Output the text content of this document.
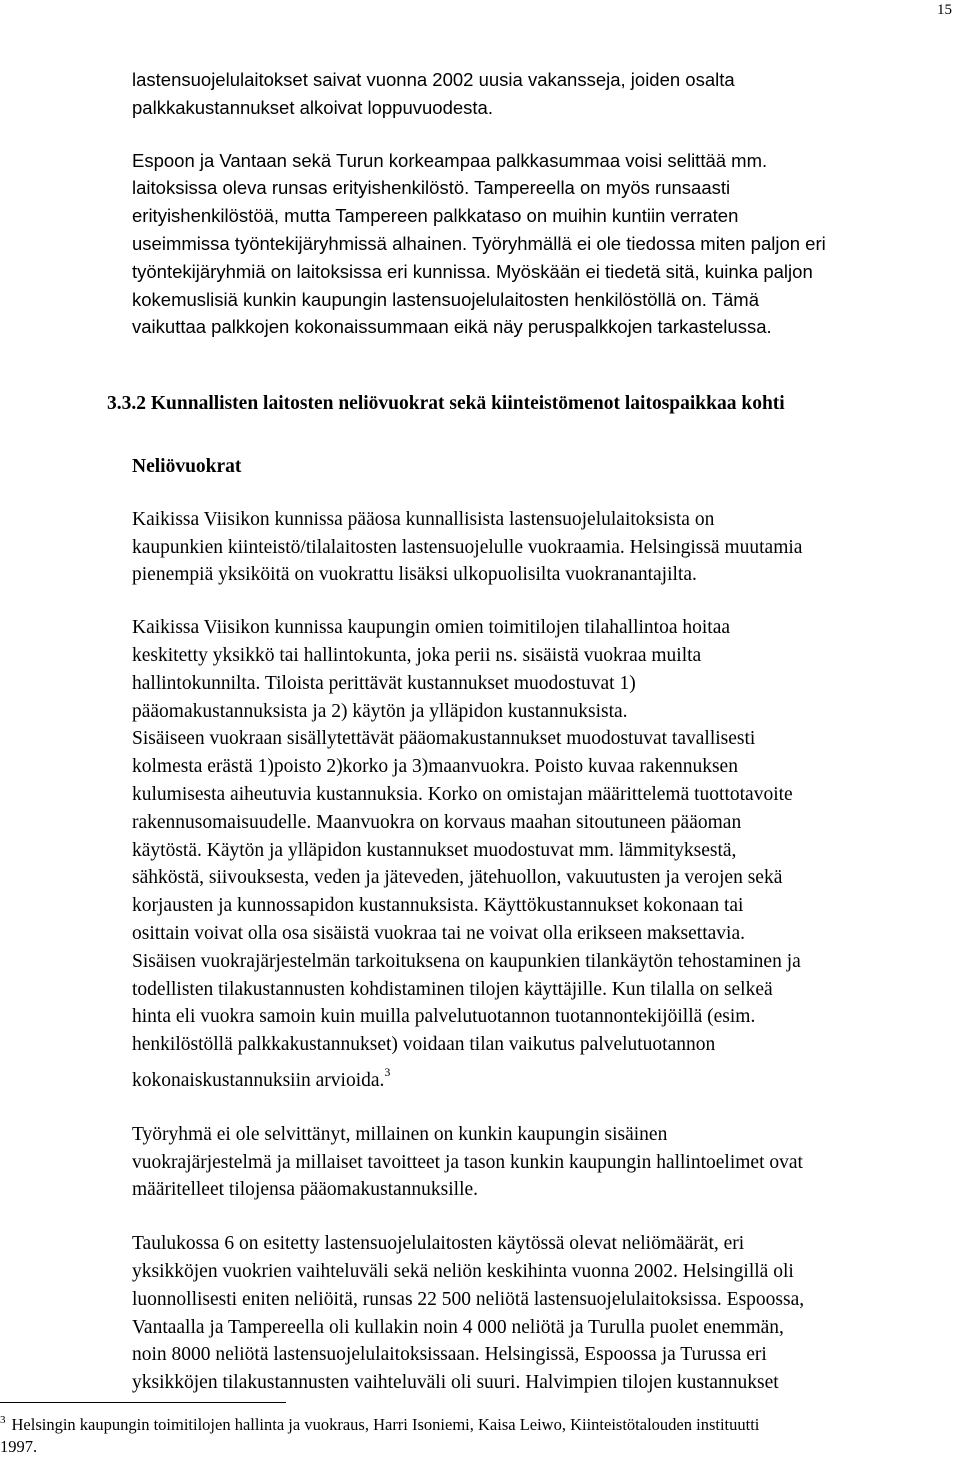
15

lastensuojelulaitokset saivat vuonna 2002 uusia vakansseja, joiden osalta
palkkakustannukset alkoivat loppuvuodesta.

Espoon ja Vantaan sekä Turun korkeampaa palkkasummaa voisi selittää mm.
laitoksissa oleva runsas erityishenkilöstö. Tampereella on myös runsaasti
erityishenkilöstöä, mutta Tampereen palkkataso on muihin kuntiin verraten
useimmissa työntekijäryhmissä alhainen. Työryhmällä ei ole tiedossa miten paljon eri
työntekijäryhmiä on laitoksissa eri kunnissa. Myöskään ei tiedetä sitä, kuinka paljon
kokemuslisiä kunkin kaupungin lastensuojelulaitosten henkilöstöllä on. Tämä
vaikuttaa palkkojen kokonaissummaan eikä näy peruspalkkojen tarkastelussa.

3.3.2 Kunnallisten laitosten neliövuokrat sekä kiinteistömenot laitospaikkaa kohti
Neliövuokrat

Kaikissa Viisikon kunnissa pääosa kunnallisista lastensuojelulaitoksista on
kaupunkien kiinteistö/tilalaitosten lastensuojelulle vuokraamia. Helsingissä muutamia
pienempiä yksiköitä on vuokrattu lisäksi ulkopuolisilta vuokranantajilta.

Kaikissa Viisikon kunnissa kaupungin omien toimitilojen tilahallintoa hoitaa
keskitetty yksikkö tai hallintokunta, joka perii ns. sisäistä vuokraa muilta
hallintokunnilta. Tiloista perittävät kustannukset muodostuvat 1)
pääomakustannuksista ja 2) käytön ja ylläpidon kustannuksista.
Sisäiseen vuokraan sisällytettävät pääomakustannukset muodostuvat tavallisesti
kolmesta erästä 1)poisto 2)korko ja 3)maanvuokra. Poisto kuvaa rakennuksen
kulumisesta aiheutuvia kustannuksia. Korko on omistajan määrittelemä tuottotavoite
rakennusomaisuudelle. Maanvuokra on korvaus maahan sitoutuneen pääoman
käytöstä. Käytön ja ylläpidon kustannukset muodostuvat mm. lämmityksestä,
sähköstä, siivouksesta, veden ja jäteveden, jätehuollon, vakuutusten ja verojen sekä
korjausten ja kunnossapidon kustannuksista. Käyttökustannukset kokonaan tai
osittain voivat olla osa sisäistä vuokraa tai ne voivat olla erikseen maksettavia.
Sisäisen vuokrajärjestelmän tarkoituksena on kaupunkien tilankäytön tehostaminen ja
todellisten tilakustannusten kohdistaminen tilojen käyttäjille. Kun tilalla on selkeä
hinta eli vuokra samoin kuin muilla palvelutuotannon tuotannontekijöillä (esim.
henkilöstöllä palkkakustannukset) voidaan tilan vaikutus palvelutuotannon
kokonaiskustannuksiin arvioida.$^3$

Työryhmä ei ole selvittänyt, millainen on kunkin kaupungin sisäinen
vuokrajärjestelmä ja millaiset tavoitteet ja tason kunkin kaupungin hallintoelimet ovat
määritelleet tilojensa pääomakustannuksille.

Taulukossa 6 on esitetty lastensuojelulaitosten käytössä olevat neliömäärät, eri
yksikköjen vuokrien vaihteluväli sekä neliön keskihinta vuonna 2002. Helsingillä oli
luonnollisesti eniten neliöitä, runsas 22 500 neliötä lastensuojelulaitoksissa. Espoossa,
Vantaalla ja Tampereella oli kullakin noin 4 000 neliötä ja Turulla puolet enemmän,
noin 8000 neliötä lastensuojelulaitoksissaan. Helsingissä, Espoossa ja Turussa eri
yksikköjen tilakustannusten vaihteluväli oli suuri. Halvimpien tilojen kustannukset

$^3$ Helsingin kaupungin toimitilojen hallinta ja vuokraus, Harri Isoniemi, Kaisa Leiwo, Kiinteistötalouden instituutti
1997.
